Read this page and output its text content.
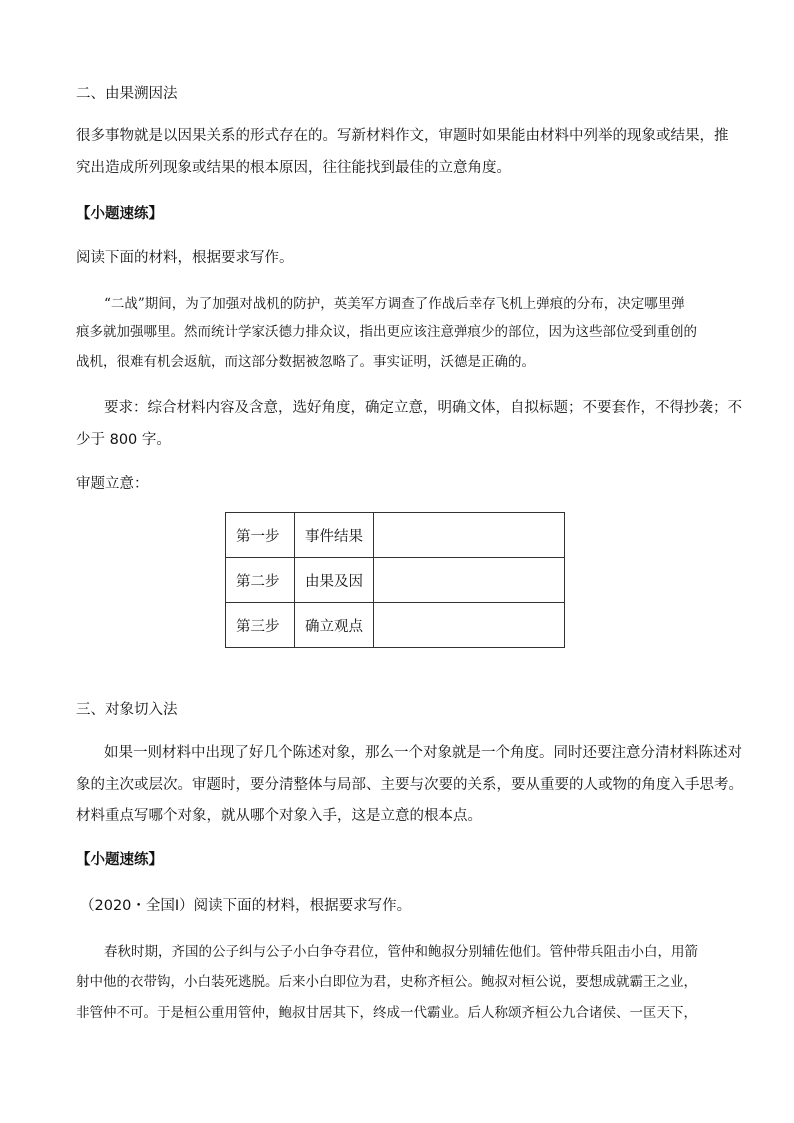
二、由果溯因法
很多事物就是以因果关系的形式存在的。写新材料作文，审题时如果能由材料中列举的现象或结果，推
究出造成所列现象或结果的根本原因，往往能找到最佳的立意角度。
【小题速练】
阅读下面的材料，根据要求写作。
“二战”期间，为了加强对战机的防护，英美军方调查了作战后幸存飞机上弹痕的分布，决定哪里弹
痕多就加强哪里。然而统计学家沃德力排众议，指出更应该注意弹痕少的部位，因为这些部位受到重创的
战机，很难有机会返航，而这部分数据被忽略了。事实证明，沃德是正确的。
要求：综合材料内容及含意，选好角度，确定立意，明确文体，自拟标题；不要套作，不得抄袭；不
少于 800 字。
审题立意：
第一步	事件结果	
第二步	由果及因	
第三步	确立观点	
三、对象切入法
如果一则材料中出现了好几个陈述对象，那么一个对象就是一个角度。同时还要注意分清材料陈述对
象的主次或层次。审题时，要分清整体与局部、主要与次要的关系，要从重要的人或物的角度入手思考。
材料重点写哪个对象，就从哪个对象入手，这是立意的根本点。
【小题速练】
（2020・全国Ⅰ）阅读下面的材料，根据要求写作。
春秋时期，齐国的公子纠与公子小白争夺君位，管仲和鲍叔分别辅佐他们。管仲带兵阻击小白，用箭
射中他的衣带钩，小白装死逃脱。后来小白即位为君，史称齐桓公。鲍叔对桓公说，要想成就霸王之业，
非管仲不可。于是桓公重用管仲，鲍叔甘居其下，终成一代霸业。后人称颂齐桓公九合诸侯、一匡天下，
